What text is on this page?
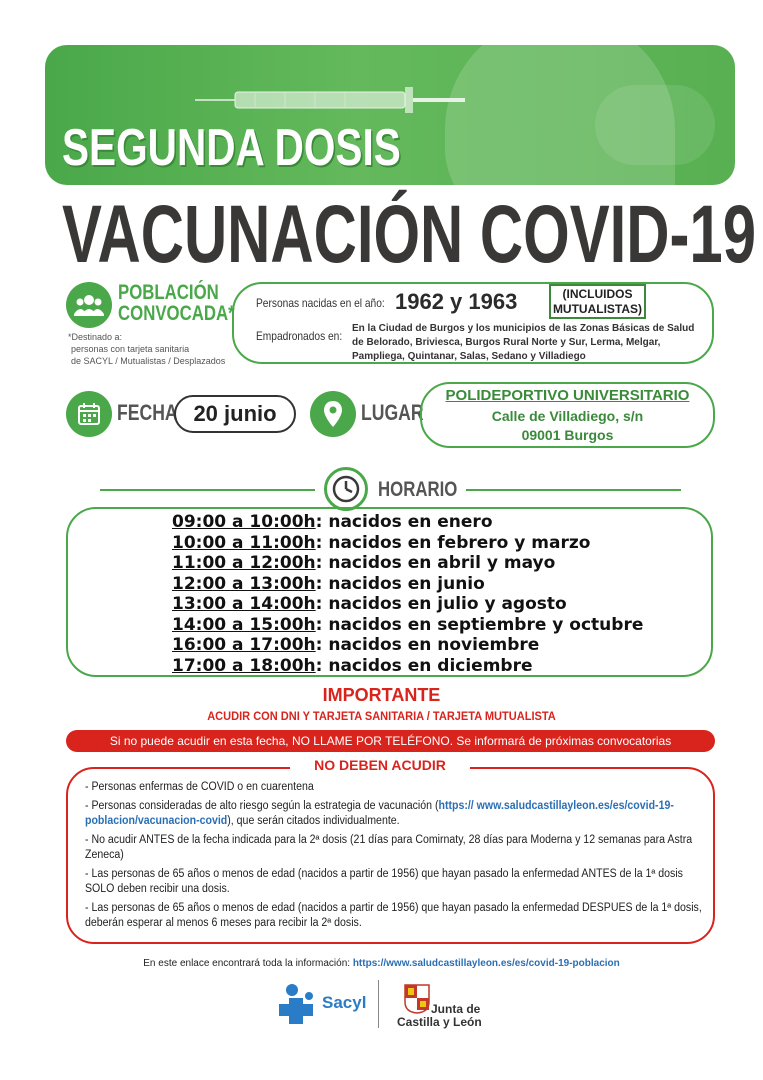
SEGUNDA DOSIS
VACUNACIÓN COVID-19
POBLACIÓN
CONVOCADA*
*Destinado a:
personas con tarjeta sanitaria
de SACYL / Mutualistas / Desplazados
Personas nacidas en el año: 1962 y 1963	(INCLUIDOS
MUTUALISTAS)
Empadronados en:
En la Ciudad de Burgos y los municipios de las Zonas Básicas de Salud de Belorado, Briviesca, Burgos Rural Norte y Sur, Lerma, Melgar, Pampliega, Quintanar, Salas, Sedano y Villadiego
FECHA 20 junio	LUGAR
POLIDEPORTIVO UNIVERSITARIO
Calle de Villadiego, s/n
09001 Burgos
HORARIO
09:00 a 10:00h: nacidos en enero
10:00 a 11:00h: nacidos en febrero y marzo
11:00 a 12:00h: nacidos en abril y mayo
12:00 a 13:00h: nacidos en junio
13:00 a 14:00h: nacidos en julio y agosto
14:00 a 15:00h: nacidos en septiembre y octubre
16:00 a 17:00h: nacidos en noviembre
17:00 a 18:00h: nacidos en diciembre
IMPORTANTE
ACUDIR CON DNI Y TARJETA SANITARIA / TARJETA MUTUALISTA
Si no puede acudir en esta fecha, NO LLAME POR TELÉFONO. Se informará de próximas convocatorias
NO DEBEN ACUDIR
- Personas enfermas de COVID o en cuarentena
- Personas consideradas de alto riesgo según la estrategia de vacunación (https:// www.saludcastillayleon.es/es/covid-19-poblacion/vacunacion-covid), que serán citados individualmente.
- No acudir ANTES de la fecha indicada para la 2ª dosis (21 días para Comirnaty, 28 días para Moderna y 12 semanas para Astra Zeneca)
- Las personas de 65 años o menos de edad (nacidos a partir de 1956) que hayan pasado la enfermedad ANTES de la 1ª dosis SOLO deben recibir una dosis.
- Las personas de 65 años o menos de edad (nacidos a partir de 1956) que hayan pasado la enfermedad DESPUES de la 1ª dosis, deberán esperar al menos 6 meses para recibir la 2ª dosis.
En este enlace encontrará toda la información: https://www.saludcastillayleon.es/es/covid-19-poblacion
Sacyl	Junta de
Castilla y León
